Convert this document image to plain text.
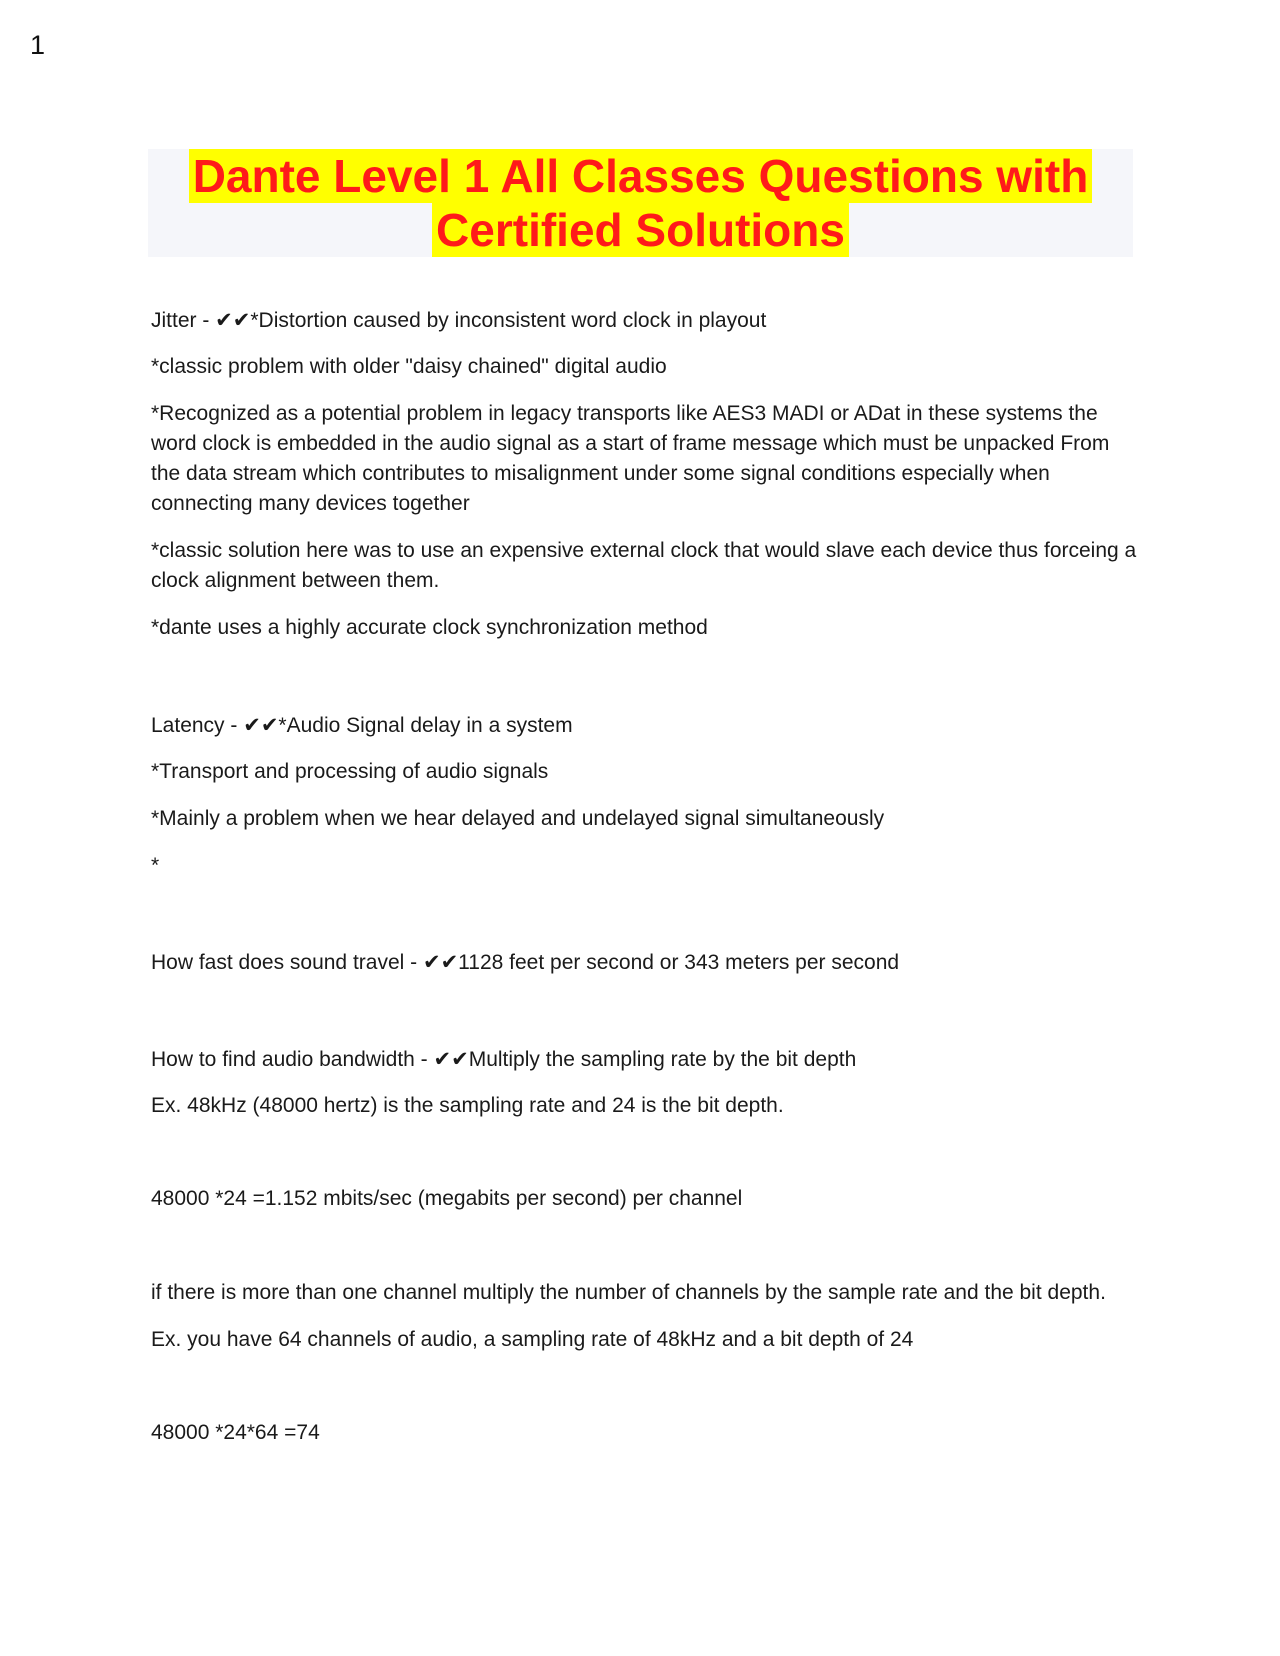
1
Dante Level 1 All Classes Questions with
Certified Solutions

Jitter - ✔✔*Distortion caused by inconsistent word clock in playout

*classic problem with older "daisy chained" digital audio

*Recognized as a potential problem in legacy transports like AES3 MADI or ADat in these systems the word clock is embedded in the audio signal as a start of frame message which must be unpacked From the data stream which contributes to misalignment under some signal conditions especially when connecting many devices together

*classic solution here was to use an expensive external clock that would slave each device thus forceing a clock alignment between them.

*dante uses a highly accurate clock synchronization method

Latency - ✔✔*Audio Signal delay in a system

*Transport and processing of audio signals

*Mainly a problem when we hear delayed and undelayed signal simultaneously

*

How fast does sound travel - ✔✔1128 feet per second or 343 meters per second

How to find audio bandwidth - ✔✔Multiply the sampling rate by the bit depth

Ex. 48kHz (48000 hertz) is the sampling rate and 24 is the bit depth.

48000 *24 =1.152 mbits/sec (megabits per second) per channel

if there is more than one channel multiply the number of channels by the sample rate and the bit depth.

Ex. you have 64 channels of audio, a sampling rate of 48kHz and a bit depth of 24

48000 *24*64 =74
